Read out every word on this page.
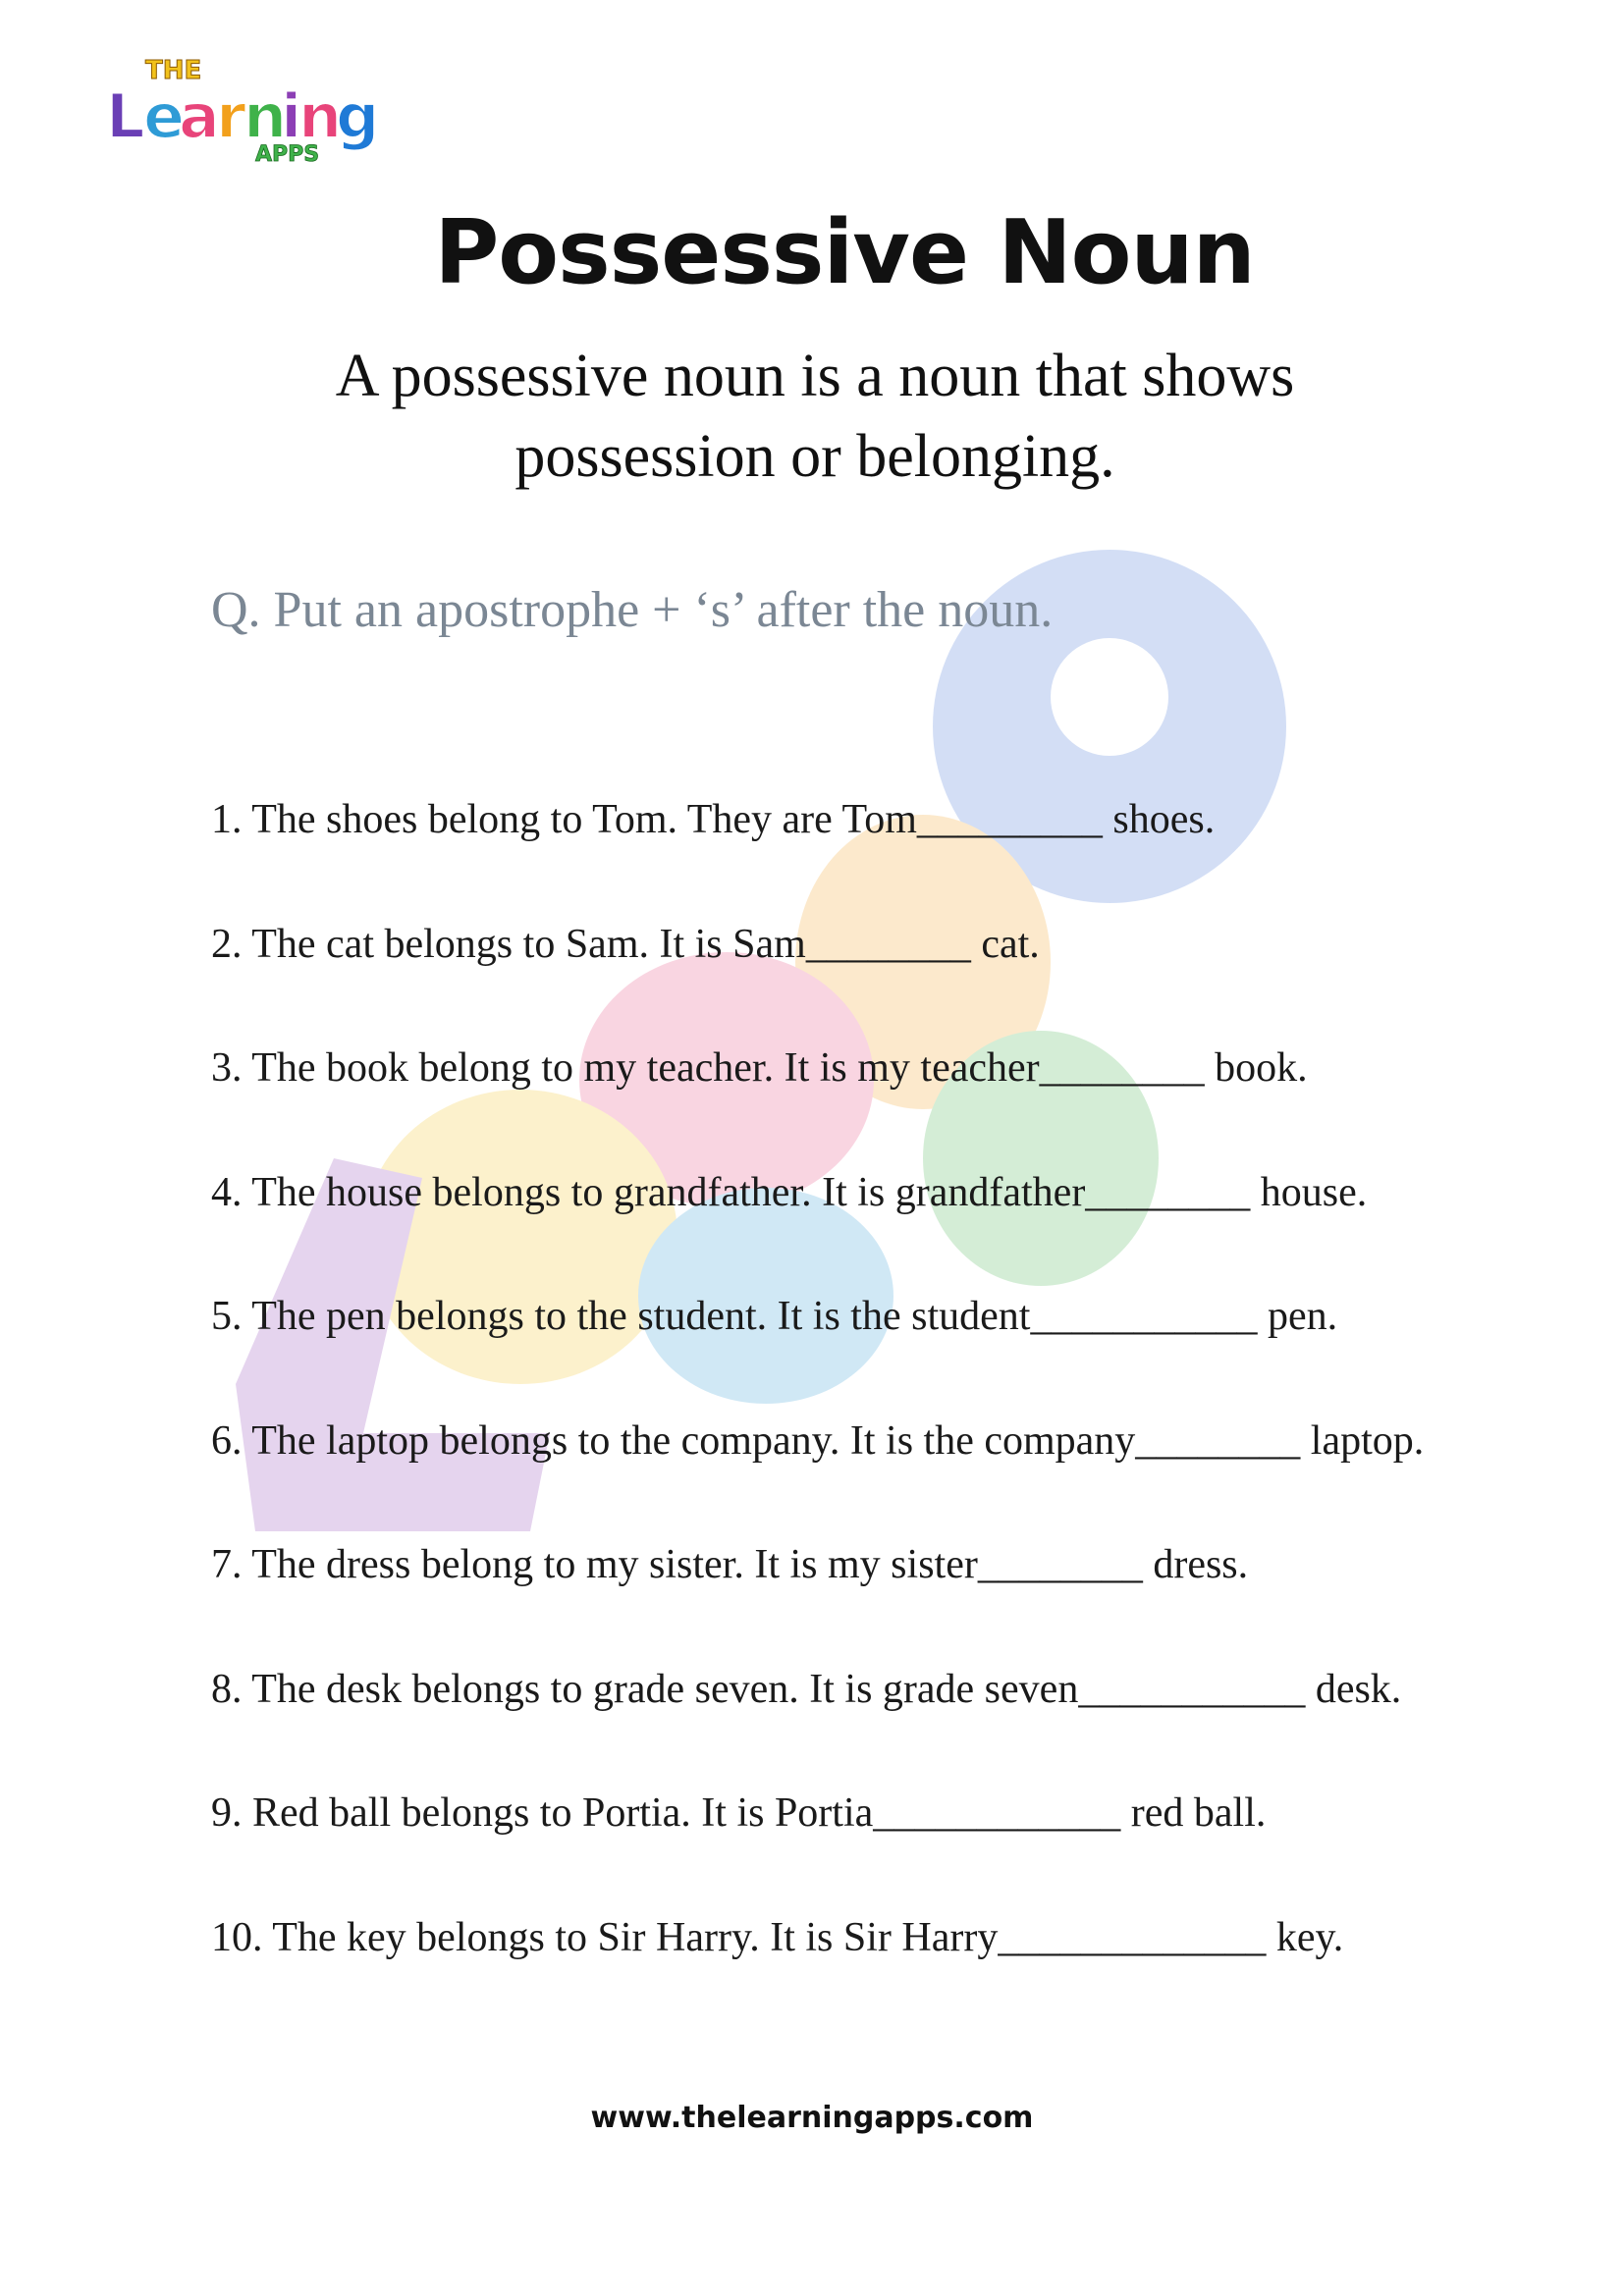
THE
L
e
a
r
n
i
n
g
APPS
Possessive Noun
A possessive noun is a noun that shows possession or belonging.
Q. Put an apostrophe + ‘s’ after the noun.
1. The shoes belong to Tom. They are Tom_________ shoes.
2. The cat belongs to Sam. It is Sam________ cat.
3. The book belong to my teacher. It is my teacher________ book.
4. The house belongs to grandfather. It is grandfather________ house.
5. The pen belongs to the student. It is the student___________ pen.
6. The laptop belongs to the company. It is the company________ laptop.
7. The dress belong to my sister. It is my sister________ dress.
8. The desk belongs to grade seven. It is grade seven___________ desk.
9. Red ball belongs to Portia. It is Portia____________ red ball.
10. The key belongs to Sir Harry. It is Sir Harry_____________ key.
www.thelearningapps.com
